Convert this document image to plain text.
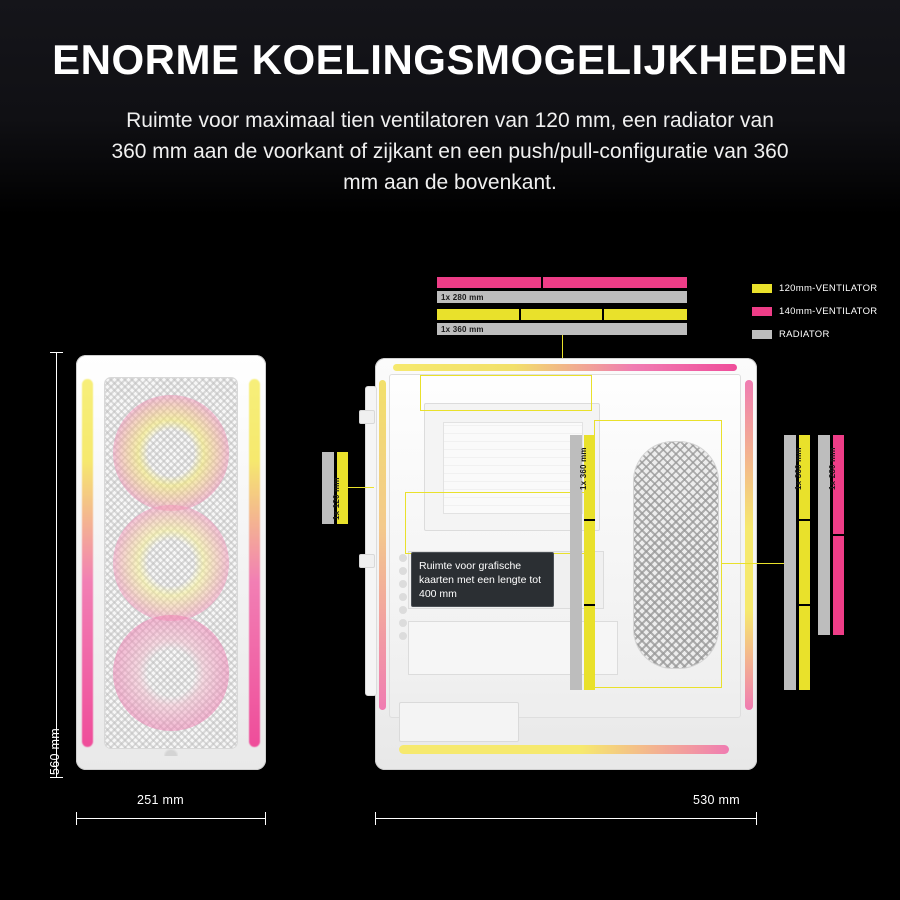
ENORME KOELINGSMOGELIJKHEDEN
Ruimte voor maximaal tien ventilatoren van 120 mm, een radiator van 360 mm aan de voorkant of zijkant en een push/pull-configuratie van 360 mm aan de bovenkant.
120mm-VENTILATOR
140mm-VENTILATOR
RADIATOR
1x 280 mm
1x 360 mm
1x 120 mm
1x 360 mm	1x 360 mm	1x 280 mm
Ruimte voor grafische kaarten met een lengte tot 400 mm
560 mm
251 mm	530 mm
